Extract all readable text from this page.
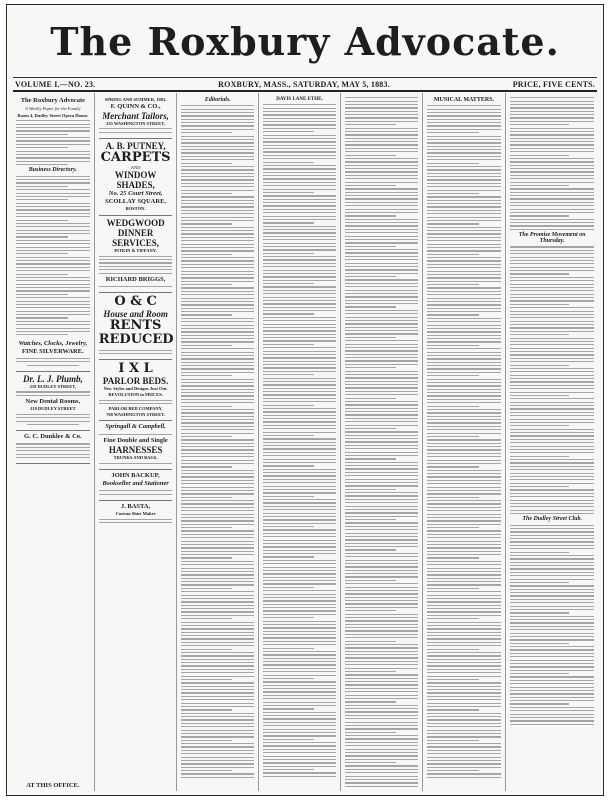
The Roxbury Advocate.
VOLUME I.—NO. 23.	ROXBURY, MASS., SATURDAY, MAY 5, 1883.	PRICE, FIVE CENTS.
The Roxbury Advocate
A Weekly Paper for the Family
Room 4, Dudley Street Opera House.
Business Directory.
Watches, Clocks, Jewelry,
FINE SILVERWARE.
Dr. L. J. Plumb,
219 DUDLEY STREET,
New Dental Rooms,
219 DUDLEY STREET
G. C. Dunklee & Co.
AT THIS OFFICE.
SPRING AND SUMMER, 1883.
F. QUINN & CO.,
Merchant Tailors,
235 WASHINGTON STREET,
A. B. PUTNEY,
CARPETS
AND
WINDOW SHADES,
No. 25 Court Street,
SCOLLAY SQUARE,
BOSTON.
WEDGWOOD
DINNER SERVICES,
PITKIN & TIFFANY.
RICHARD BRIGGS,
O & C
House and Room
RENTS
REDUCED
I X L
PARLOR BEDS.
New Styles and Designs Just Out.
REVOLUTION in PRICES.
PARLOR BED COMPANY,
768 WASHINGTON STREET.
Springall & Campbell,
Fine Double and Single
HARNESSES
TRUNKS AND BAGS,
JOHN BACKUP,
Bookseller and Stationer
J. BASTA,
Custom Shirt Maker
Editorials.	DAVIS LANE ETHE.	MUSICAL MATTERS.
The Promise Movement on Thursday.
The Dudley Street Club.
